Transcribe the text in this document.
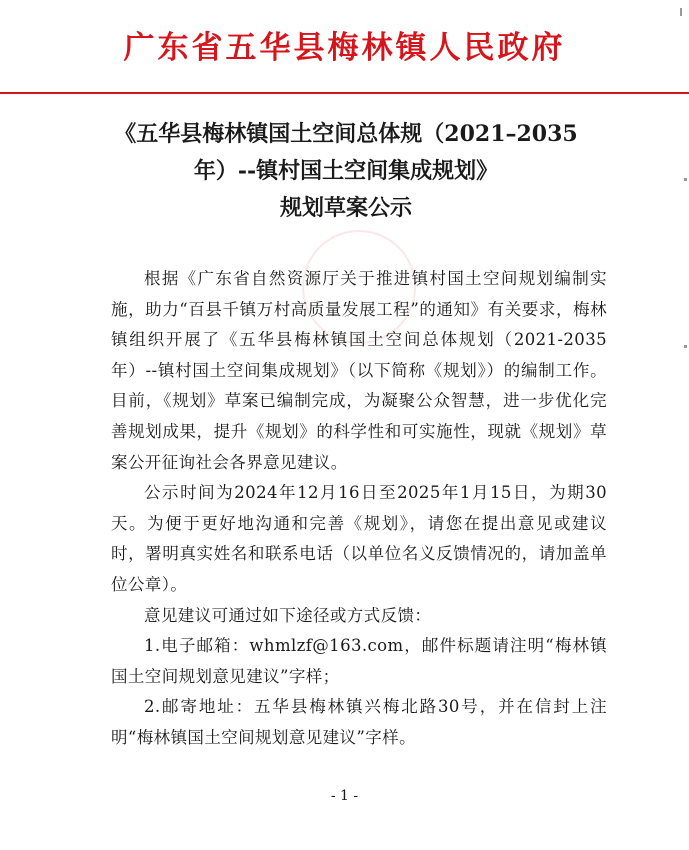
广东省五华县梅林镇人民政府
《五华县梅林镇国土空间总体规（2021–2035
年）--镇村国土空间集成规划》
规划草案公示

根据《广东省自然资源厅关于推进镇村国土空间规划编制实施，助力“百县千镇万村高质量发展工程”的通知》有关要求，梅林镇组织开展了《五华县梅林镇国土空间总体规划（2021-2035年）--镇村国土空间集成规划》（以下简称《规划》）的编制工作。目前，《规划》草案已编制完成，为凝聚公众智慧，进一步优化完善规划成果，提升《规划》的科学性和可实施性，现就《规划》草案公开征询社会各界意见建议。

公示时间为2024年12月16日至2025年1月15日，为期30天。为便于更好地沟通和完善《规划》，请您在提出意见或建议时，署明真实姓名和联系电话（以单位名义反馈情况的，请加盖单位公章）。

意见建议可通过如下途径或方式反馈：

1.电子邮箱：whmlzf@163.com，邮件标题请注明“梅林镇国土空间规划意见建议”字样；

2.邮寄地址：五华县梅林镇兴梅北路30号，并在信封上注明“梅林镇国土空间规划意见建议”字样。

- 1 -
